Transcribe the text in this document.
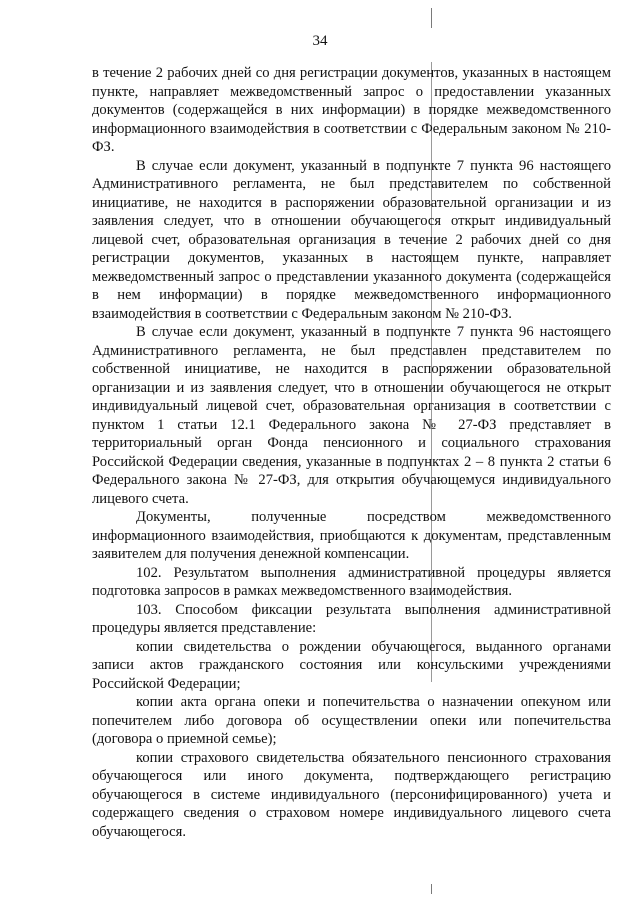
34

в течение 2 рабочих дней со дня регистрации документов, указанных в настоящем пункте, направляет межведомственный запрос о предоставлении указанных документов (содержащейся в них информации) в порядке межведомственного информационного взаимодействия в соответствии с Федеральным законом № 210-ФЗ.

В случае если документ, указанный в подпункте 7 пункта 96 настоящего Административного регламента, не был представителем по собственной инициативе, не находится в распоряжении образовательной организации и из заявления следует, что в отношении обучающегося открыт индивидуальный лицевой счет, образовательная организация в течение 2 рабочих дней со дня регистрации документов, указанных в настоящем пункте, направляет межведомственный запрос о представлении указанного документа (содержащейся в нем информации) в порядке межведомственного информационного взаимодействия в соответствии с Федеральным законом № 210-ФЗ.

В случае если документ, указанный в подпункте 7 пункта 96 настоящего Административного регламента, не был представлен представителем по собственной инициативе, не находится в распоряжении образовательной организации и из заявления следует, что в отношении обучающегося не открыт индивидуальный лицевой счет, образовательная организация в соответствии с пунктом 1 статьи 12.1 Федерального закона № 27-ФЗ представляет в территориальный орган Фонда пенсионного и социального страхования Российской Федерации сведения, указанные в подпунктах 2 – 8 пункта 2 статьи 6 Федерального закона № 27-ФЗ, для открытия обучающемуся индивидуального лицевого счета.

Документы, полученные посредством межведомственного информационного взаимодействия, приобщаются к документам, представленным заявителем для получения денежной компенсации.

102. Результатом выполнения административной процедуры является подготовка запросов в рамках межведомственного взаимодействия.

103. Способом фиксации результата выполнения административной процедуры является представление:

копии свидетельства о рождении обучающегося, выданного органами записи актов гражданского состояния или консульскими учреждениями Российской Федерации;

копии акта органа опеки и попечительства о назначении опекуном или попечителем либо договора об осуществлении опеки или попечительства (договора о приемной семье);

копии страхового свидетельства обязательного пенсионного страхования обучающегося или иного документа, подтверждающего регистрацию обучающегося в системе индивидуального (персонифицированного) учета и содержащего сведения о страховом номере индивидуального лицевого счета обучающегося.
